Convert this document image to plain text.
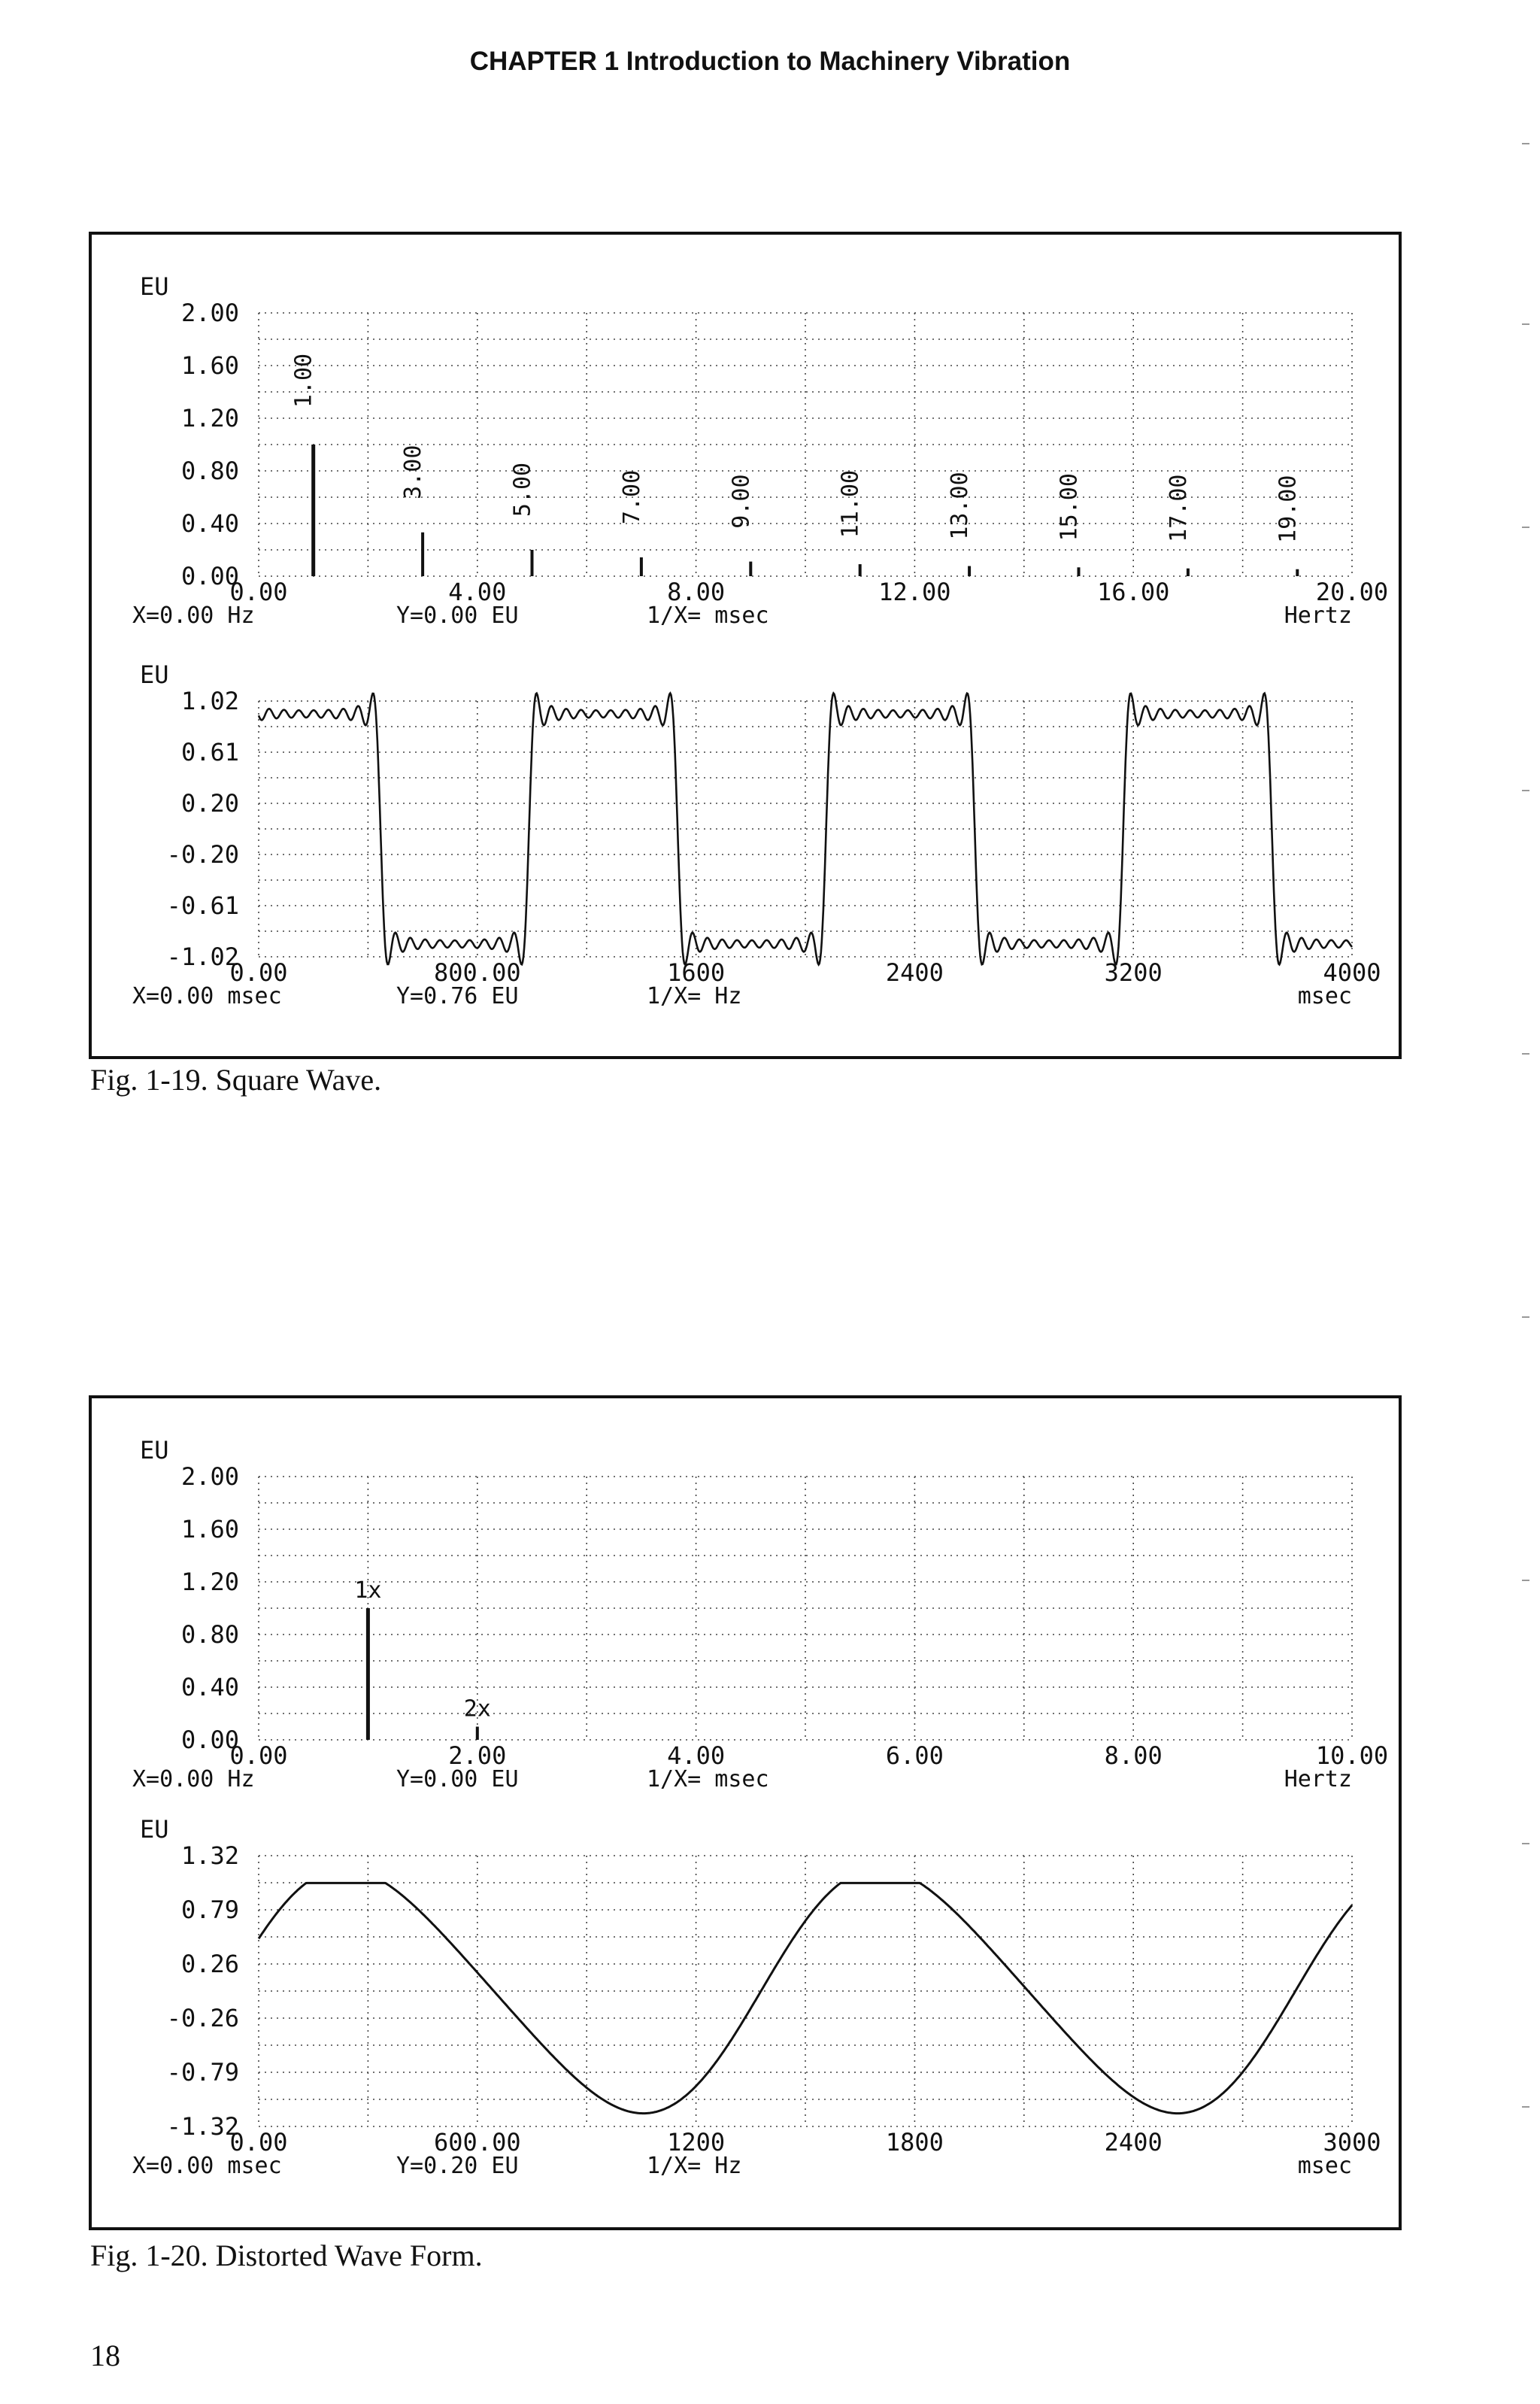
CHAPTER 1 Introduction to Machinery Vibration
EU
0.00
0.40
0.80
1.20
1.60
2.00
0.00	4.00	8.00	12.00	16.00	20.00
X=0.00 Hz	Y=0.00 EU	1/X= msec	Hertz
1.00
3.00	5.00	7.00	9.00	11.00	13.00	15.00	17.00	19.00
EU
1.02
0.61
0.20
-0.20
-0.61
-1.02
0.00	800.00	1600	2400	3200	4000
X=0.00 msec	Y=0.76 EU	1/X= Hz	msec
Fig. 1-19. Square Wave.
EU
0.00
0.40
0.80
1.20
1.60
2.00
0.00	2.00	4.00	6.00	8.00	10.00
X=0.00 Hz	Y=0.00 EU	1/X= msec	Hertz
1x
2x
EU
1.32
0.79
0.26
-0.26
-0.79
-1.32
0.00	600.00	1200	1800	2400	3000
X=0.00 msec	Y=0.20 EU	1/X= Hz	msec
Fig. 1-20. Distorted Wave Form.
18
